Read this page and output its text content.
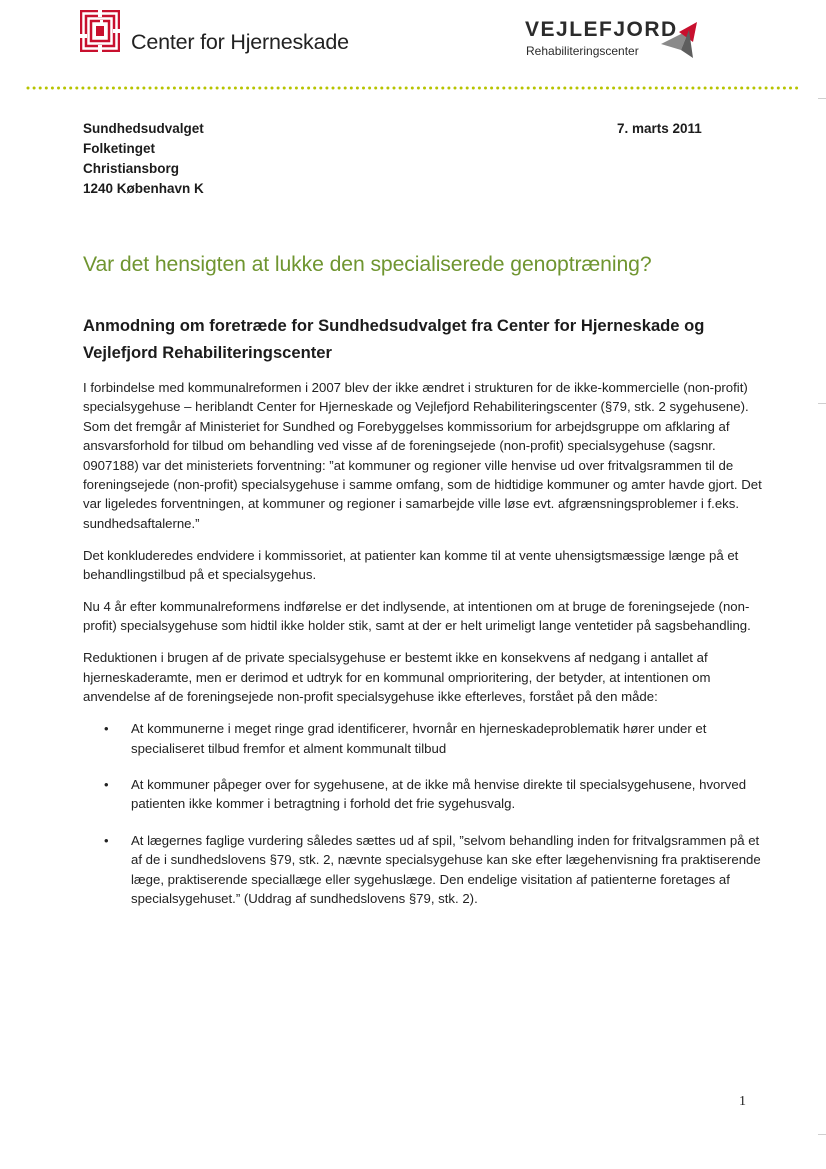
Center for Hjerneskade
VEJLEFJORD
Rehabiliteringscenter
Sundhedsudvalget
Folketinget
Christiansborg
1240 København K
7. marts 2011
Var det hensigten at lukke den specialiserede genoptræning?
Anmodning om foretræde for Sundhedsudvalget fra Center for Hjerneskade og Vejlefjord Rehabiliteringscenter

I forbindelse med kommunalreformen i 2007 blev der ikke ændret i strukturen for de ikke-kommercielle (non-profit) specialsygehuse – heriblandt Center for Hjerneskade og Vejlefjord Rehabiliteringscenter (§79, stk. 2 sygehusene). Som det fremgår af Ministeriet for Sundhed og Forebyggelses kommissorium for arbejdsgruppe om afklaring af ansvarsforhold for tilbud om behandling ved visse af de foreningsejede (non-profit) specialsygehuse (sagsnr. 0907188) var det ministeriets forventning: ”at kommuner og regioner ville henvise ud over fritvalgsrammen til de foreningsejede (non-profit) specialsygehuse i samme omfang, som de hidtidige kommuner og amter havde gjort. Det var ligeledes forventningen, at kommuner og regioner i samarbejde ville løse evt. afgrænsningsproblemer i f.eks. sundhedsaftalerne.”

Det konkluderedes endvidere i kommissoriet, at patienter kan komme til at vente uhensigtsmæssige længe på et behandlingstilbud på et specialsygehus.

Nu 4 år efter kommunalreformens indførelse er det indlysende, at intentionen om at bruge de foreningsejede (non-profit) specialsygehuse som hidtil ikke holder stik, samt at der er helt urimeligt lange ventetider på sagsbehandling.

Reduktionen i brugen af de private specialsygehuse er bestemt ikke en konsekvens af nedgang i antallet af hjerneskaderamte, men er derimod et udtryk for en kommunal omprioritering, der betyder, at intentionen om anvendelse af de foreningsejede non-profit specialsygehuse ikke efterleves, forstået på den måde:

• At kommunerne i meget ringe grad identificerer, hvornår en hjerneskadeproblematik hører under et specialiseret tilbud fremfor et alment kommunalt tilbud
• At kommuner påpeger over for sygehusene, at de ikke må henvise direkte til specialsygehusene, hvorved patienten ikke kommer i betragtning i forhold det frie sygehusvalg.
• At lægernes faglige vurdering således sættes ud af spil, ”selvom behandling inden for fritvalgsrammen på et af de i sundhedslovens §79, stk. 2, nævnte specialsygehuse kan ske efter lægehenvisning fra praktiserende læge, praktiserende speciallæge eller sygehuslæge. Den endelige visitation af patienterne foretages af specialsygehuset.” (Uddrag af sundhedslovens §79, stk. 2).
1
